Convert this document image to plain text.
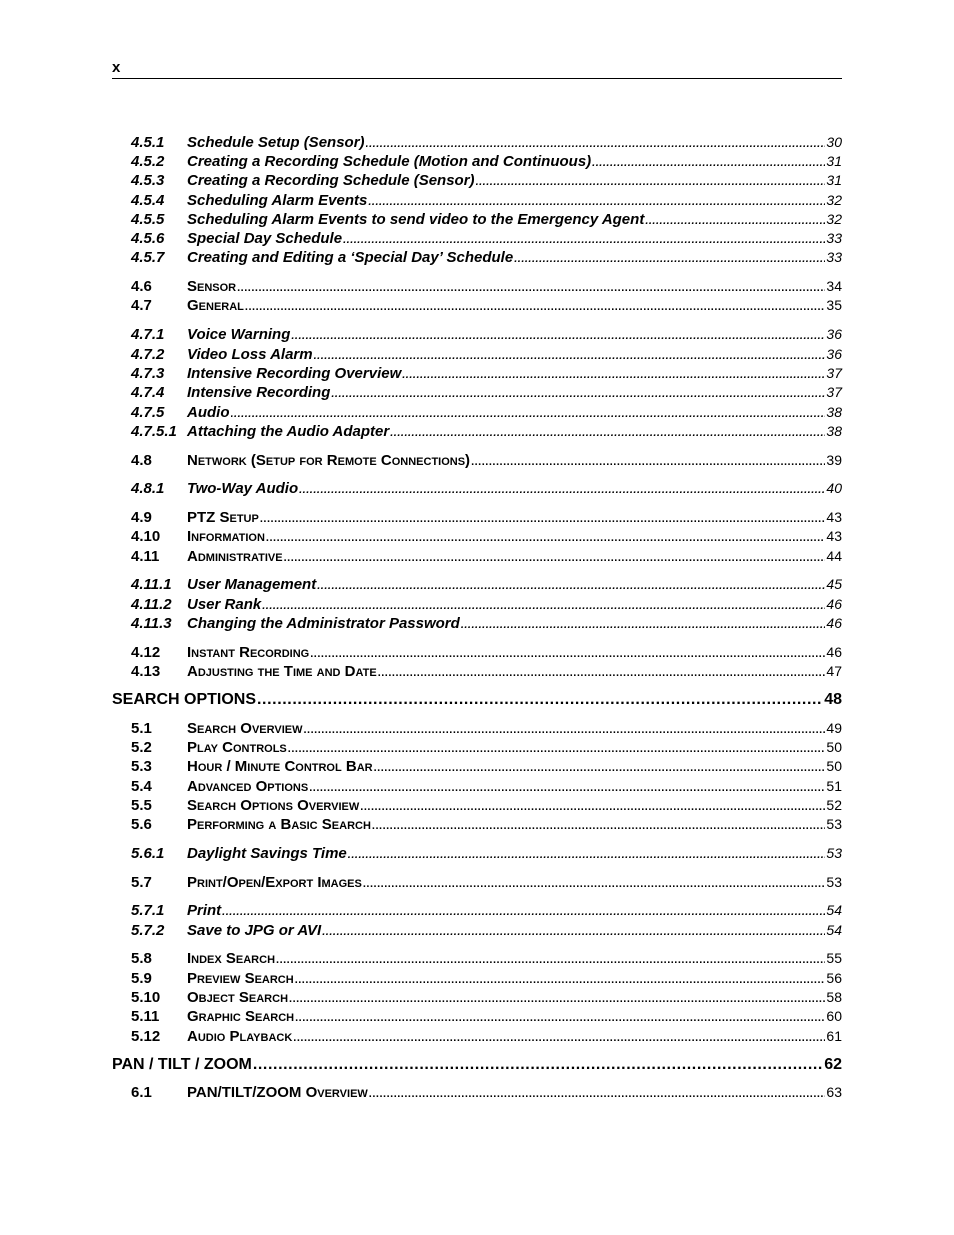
x
4.5.1	Schedule Setup (Sensor) .....	30
4.5.2	Creating a Recording Schedule (Motion and Continuous) .....	31
4.5.3	Creating a Recording Schedule (Sensor) .....	31
4.5.4	Scheduling Alarm Events .....	32
4.5.5	Scheduling Alarm Events to send video to the Emergency Agent .....	32
4.5.6	Special Day Schedule .....	33
4.5.7	Creating and Editing a ‘Special Day’ Schedule .....	33
4.6	Sensor .....	34
4.7	General .....	35
4.7.1	Voice Warning .....	36
4.7.2	Video Loss Alarm .....	36
4.7.3	Intensive Recording Overview .....	37
4.7.4	Intensive Recording .....	37
4.7.5	Audio .....	38
4.7.5.1 Attaching the Audio Adapter .....	38
4.8	Network (Setup for Remote Connections) .....	39
4.8.1	Two-Way Audio .....	40
4.9	PTZ Setup .....	43
4.10	Information .....	43
4.11	Administrative .....	44
4.11.1	User Management .....	45
4.11.2	User Rank .....	46
4.11.3	Changing the Administrator Password .....	46
4.12	Instant Recording .....	46
4.13	Adjusting the Time and Date .....	47
SEARCH OPTIONS .....	48
5.1	Search Overview .....	49
5.2	Play Controls .....	50
5.3	Hour / Minute Control Bar .....	50
5.4	Advanced Options .....	51
5.5	Search Options Overview .....	52
5.6	Performing a Basic Search .....	53
5.6.1	Daylight Savings Time .....	53
5.7	Print/Open/Export Images .....	53
5.7.1	Print .....	54
5.7.2	Save to JPG or AVI .....	54
5.8	Index Search .....	55
5.9	Preview Search .....	56
5.10	Object Search .....	58
5.11	Graphic Search .....	60
5.12	Audio Playback .....	61
PAN / TILT / ZOOM .....	62
6.1	PAN/TILT/ZOOM Overview .....	63
